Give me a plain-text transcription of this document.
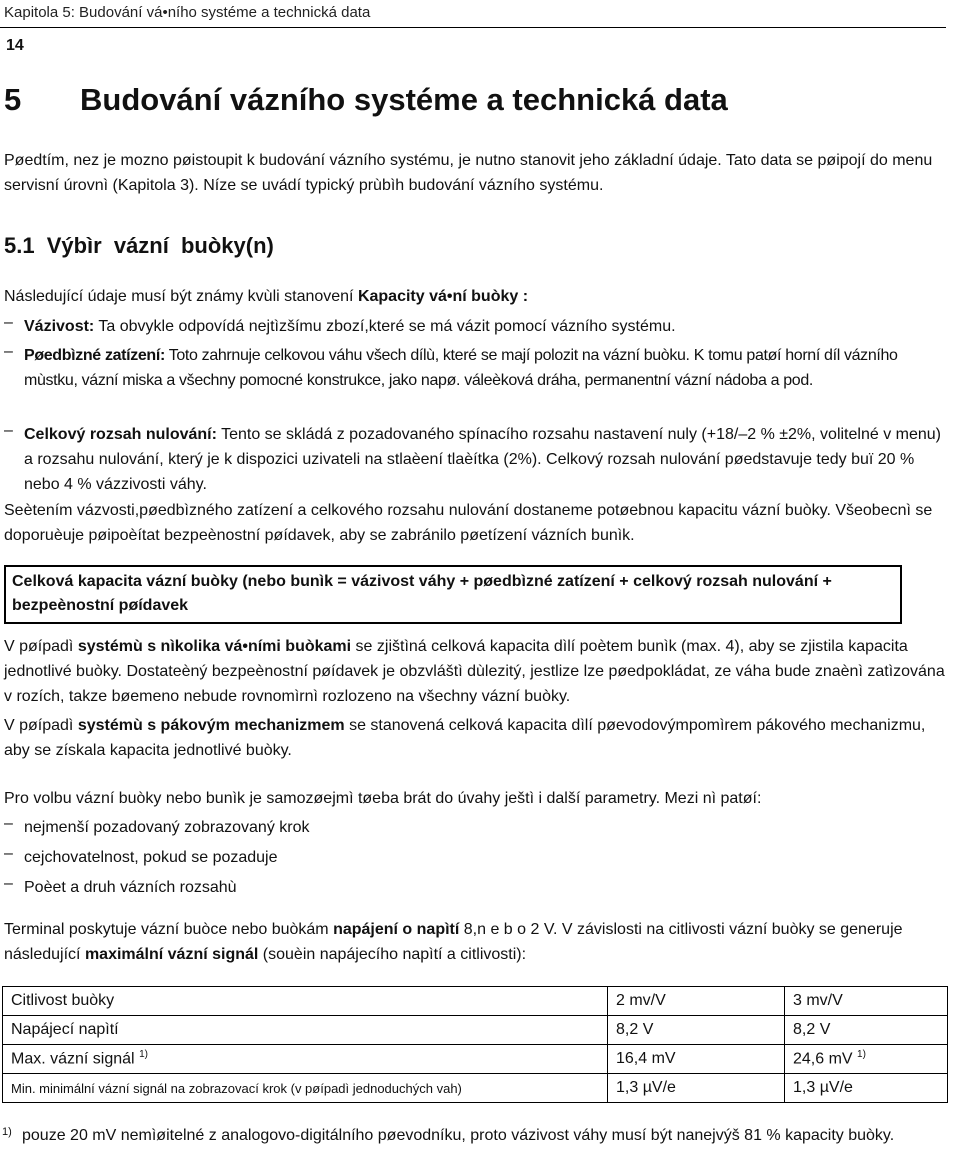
Kapitola 5: Budování vá•ního systéme a technická data
14
5 Budování vázního systéme a technická data
Pøedtím, nez je mozno pøistoupit k budování vázního systému, je nutno stanovit jeho základní údaje. Tato data se pøipojí do menu servisní úrovnì (Kapitola 3). Níze se uvádí typický prùbìh budování vázního systému.
5.1 Výbìr vázní buòky(n)
Následující údaje musí být známy kvùli stanovení Kapacity vá•ní buòky :
– Vázivost: Ta obvykle odpovídá nejtìzšímu zbozí,které se má vázit pomocí vázního systému.
– Pøedbìzné zatízení: Toto zahrnuje celkovou váhu všech dílù, které se mají polozit na vázní buòku. K tomu patøí horní díl vázního mùstku, vázní miska a všechny pomocné konstrukce, jako napø. váleèková dráha, permanentní vázní nádoba a pod.
– Celkový rozsah nulování: Tento se skládá z pozadovaného spínacího rozsahu nastavení nuly (+18/–2 % ±2%, volitelné v menu) a rozsahu nulování, který je k dispozici uzivateli na stlaèení tlaèítka (2%). Celkový rozsah nulování pøedstavuje tedy buï 20 % nebo 4 % vázzivosti váhy.
Seètením vázvosti,pøedbìzného zatízení a celkového rozsahu nulování dostaneme potøebnou kapacitu vázní buòky. Všeobecnì se doporuèuje pøipoèítat bezpeènostní pøídavek, aby se zabránilo pøetízení vázních bunìk.
Celková kapacita vázní buòky (nebo bunìk = vázivost váhy + pøedbìzné zatízení + celkový rozsah nulování + bezpeènostní pøídavek
V pøípadì systémù s nìkolika vá•ními buòkami se zjištìná celková kapacita dìlí poètem bunìk (max. 4), aby se zjistila kapacita jednotlivé buòky. Dostateèný bezpeènostní pøídavek je obzvláštì dùlezitý, jestlize lze pøedpokládat, ze váha bude znaènì zatìzována v rozích, takze bøemeno nebude rovnomìrnì rozlozeno na všechny vázní buòky.
V pøípadì systémù s pákovým mechanizmem se stanovená celková kapacita dìlí pøevodovýmpomìrem pákového mechanizmu, aby se získala kapacita jednotlivé buòky.
Pro volbu vázní buòky nebo bunìk je samozøejmì tøeba brát do úvahy ještì i další parametry. Mezi nì patøí:
– nejmenší pozadovaný zobrazovaný krok
– cejchovatelnost, pokud se pozaduje
– Poèet a druh vázních rozsahù
Terminal poskytuje vázní buòce nebo buòkám napájení o napìtí 8,n e b o 2 V. V závislosti na citlivosti vázní buòky se generuje následující maximální vázní signál (souèin napájecího napìtí a citlivosti):
Citlivost buòky	2 mv/V	3 mv/V
Napájecí napìtí	8,2 V	8,2 V
Max. vázní signál $^{1)}$	16,4 mV	24,6 mV $^{1)}$
Min. minimální vázní signál na zobrazovací krok (v pøípadì jednoduchých vah)	1,3 µV/e	1,3 µV/e
1) pouze 20 mV nemìøitelné z analogovo-digitálního pøevodníku, proto vázivost váhy musí být nanejvýš 81 % kapacity buòky.
